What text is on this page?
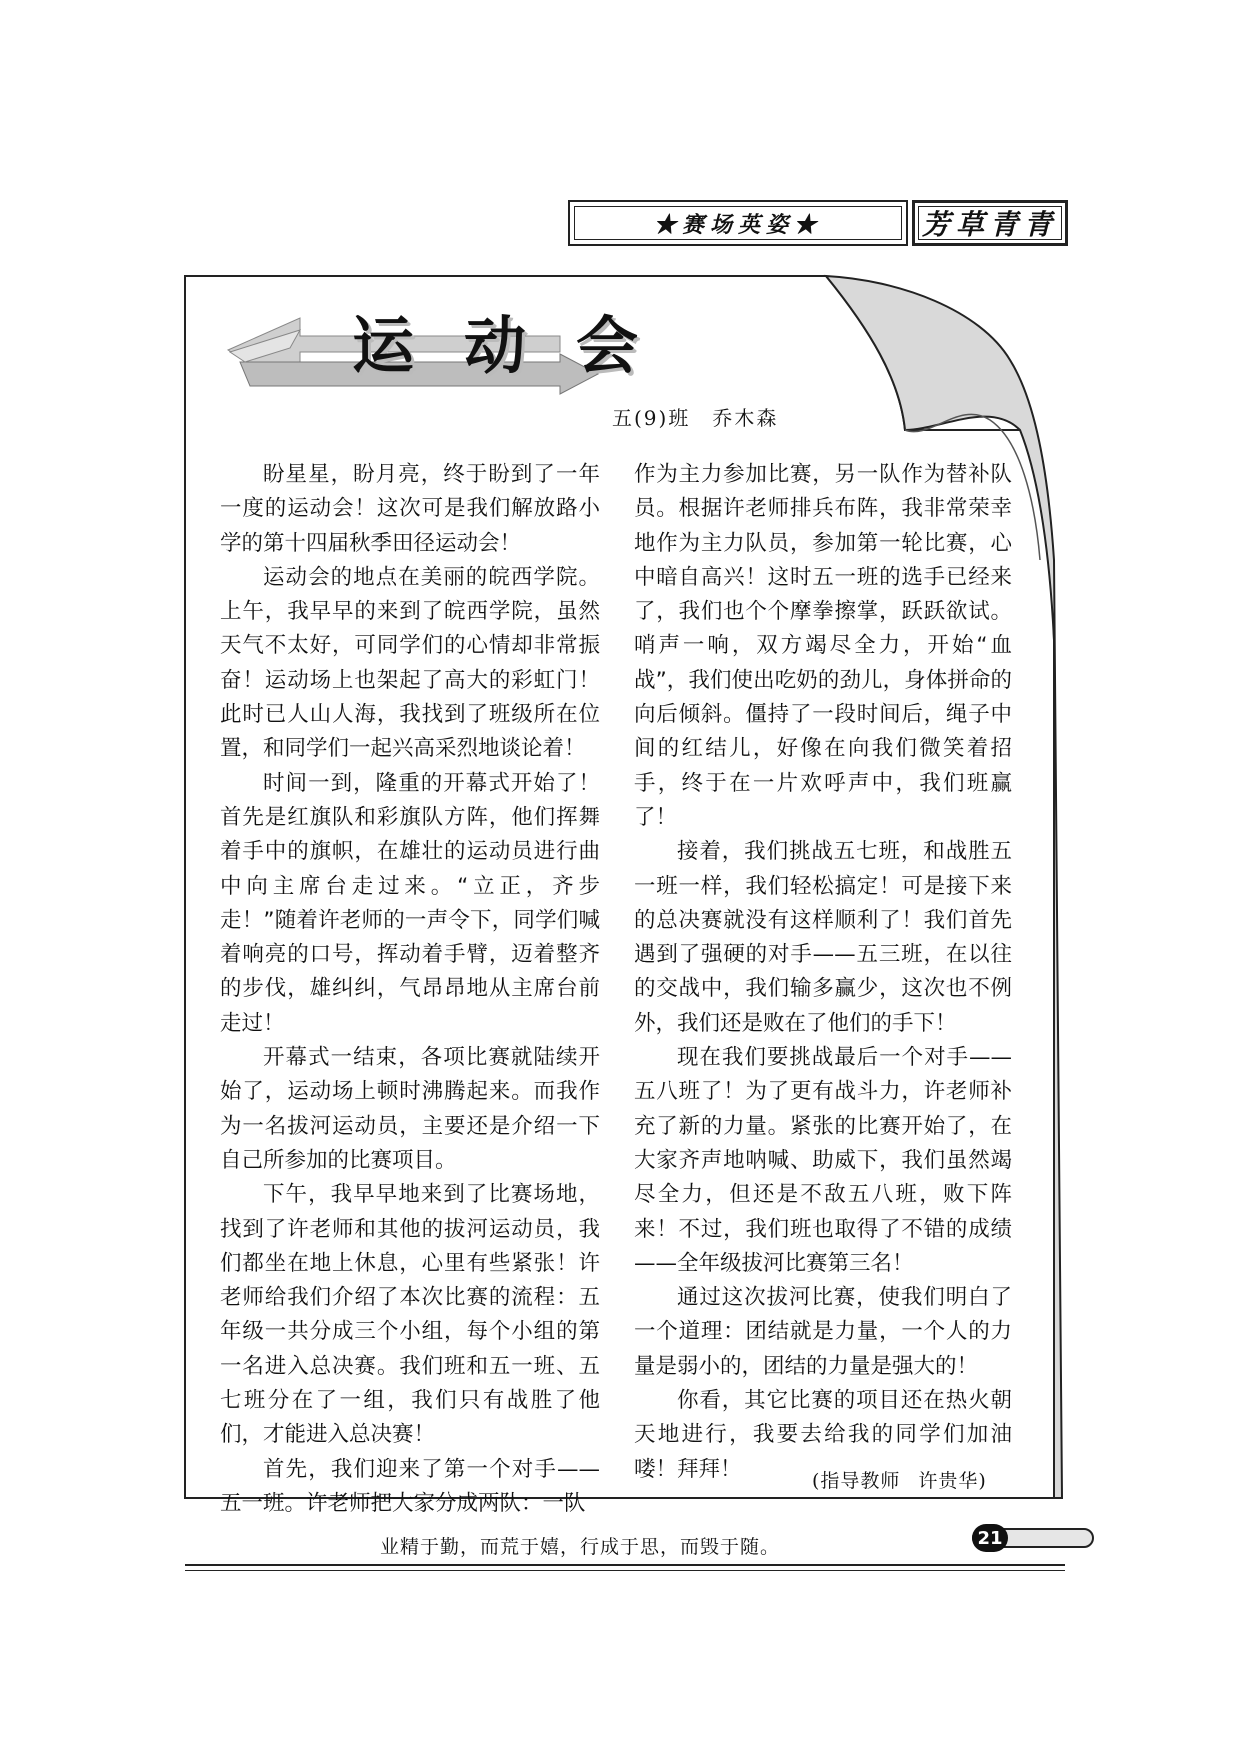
★赛场英姿★	芳草青青
运动会
五(9)班 乔木森

盼星星，盼月亮，终于盼到了一年一度的运动会！这次可是我们解放路小学的第十四届秋季田径运动会！

运动会的地点在美丽的皖西学院。上午，我早早的来到了皖西学院，虽然天气不太好，可同学们的心情却非常振奋！运动场上也架起了高大的彩虹门！此时已人山人海，我找到了班级所在位置，和同学们一起兴高采烈地谈论着！

时间一到，隆重的开幕式开始了！首先是红旗队和彩旗队方阵，他们挥舞着手中的旗帜，在雄壮的运动员进行曲中向主席台走过来。“立正，齐步走！”随着许老师的一声令下，同学们喊着响亮的口号，挥动着手臂，迈着整齐的步伐，雄纠纠，气昂昂地从主席台前走过！

开幕式一结束，各项比赛就陆续开始了，运动场上顿时沸腾起来。而我作为一名拔河运动员，主要还是介绍一下自己所参加的比赛项目。

下午，我早早地来到了比赛场地，找到了许老师和其他的拔河运动员，我们都坐在地上休息，心里有些紧张！许老师给我们介绍了本次比赛的流程：五年级一共分成三个小组，每个小组的第一名进入总决赛。我们班和五一班、五七班分在了一组，我们只有战胜了他们，才能进入总决赛！

首先，我们迎来了第一个对手——五一班。许老师把大家分成两队：一队

作为主力参加比赛，另一队作为替补队员。根据许老师排兵布阵，我非常荣幸地作为主力队员，参加第一轮比赛，心中暗自高兴！这时五一班的选手已经来了，我们也个个摩拳擦掌，跃跃欲试。哨声一响，双方竭尽全力，开始“血战”，我们使出吃奶的劲儿，身体拼命的向后倾斜。僵持了一段时间后，绳子中间的红结儿，好像在向我们微笑着招手，终于在一片欢呼声中，我们班赢了！

接着，我们挑战五七班，和战胜五一班一样，我们轻松搞定！可是接下来的总决赛就没有这样顺利了！我们首先遇到了强硬的对手——五三班，在以往的交战中，我们输多赢少，这次也不例外，我们还是败在了他们的手下！

现在我们要挑战最后一个对手——五八班了！为了更有战斗力，许老师补充了新的力量。紧张的比赛开始了，在大家齐声地呐喊、助威下，我们虽然竭尽全力，但还是不敌五八班，败下阵来！不过，我们班也取得了不错的成绩——全年级拔河比赛第三名！

通过这次拔河比赛，使我们明白了一个道理：团结就是力量，一个人的力量是弱小的，团结的力量是强大的！

你看，其它比赛的项目还在热火朝天地进行，我要去给我的同学们加油喽！拜拜！	(指导教师 许贵华)
业精于勤，而荒于嬉，行成于思，而毁于随。	21
